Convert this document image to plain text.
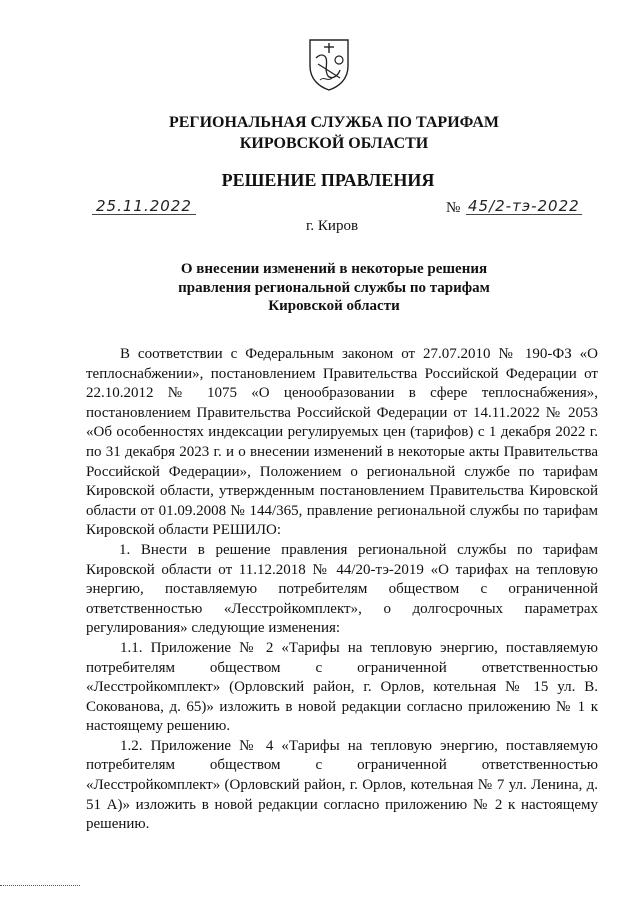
РЕГИОНАЛЬНАЯ СЛУЖБА ПО ТАРИФАМ
КИРОВСКОЙ ОБЛАСТИ
РЕШЕНИЕ ПРАВЛЕНИЯ
25.11.2022	№ 45/2-тэ-2022
г. Киров
О внесении изменений в некоторые решения
правления региональной службы по тарифам
Кировской области

В соответствии с Федеральным законом от 27.07.2010 № 190-ФЗ «О теплоснабжении», постановлением Правительства Российской Федерации от 22.10.2012 № 1075 «О ценообразовании в сфере теплоснабжения», постановлением Правительства Российской Федерации от 14.11.2022 № 2053 «Об особенностях индексации регулируемых цен (тарифов) с 1 декабря 2022 г. по 31 декабря 2023 г. и о внесении изменений в некоторые акты Правительства Российской Федерации», Положением о региональной службе по тарифам Кировской области, утвержденным постановлением Правительства Кировской области от 01.09.2008 № 144/365, правление региональной службы по тарифам Кировской области РЕШИЛО:

1. Внести в решение правления региональной службы по тарифам Кировской области от 11.12.2018 № 44/20-тэ-2019 «О тарифах на тепловую энергию, поставляемую потребителям обществом с ограниченной ответственностью «Лесстройкомплект», о долгосрочных параметрах регулирования» следующие изменения:

1.1. Приложение № 2 «Тарифы на тепловую энергию, поставляемую потребителям обществом с ограниченной ответственностью «Лесстройкомплект» (Орловский район, г. Орлов, котельная № 15 ул. В. Сокованова, д. 65)» изложить в новой редакции согласно приложению № 1 к настоящему решению.

1.2. Приложение № 4 «Тарифы на тепловую энергию, поставляемую потребителям обществом с ограниченной ответственностью «Лесстройкомплект» (Орловский район, г. Орлов, котельная № 7 ул. Ленина, д. 51 А)» изложить в новой редакции согласно приложению № 2 к настоящему решению.
